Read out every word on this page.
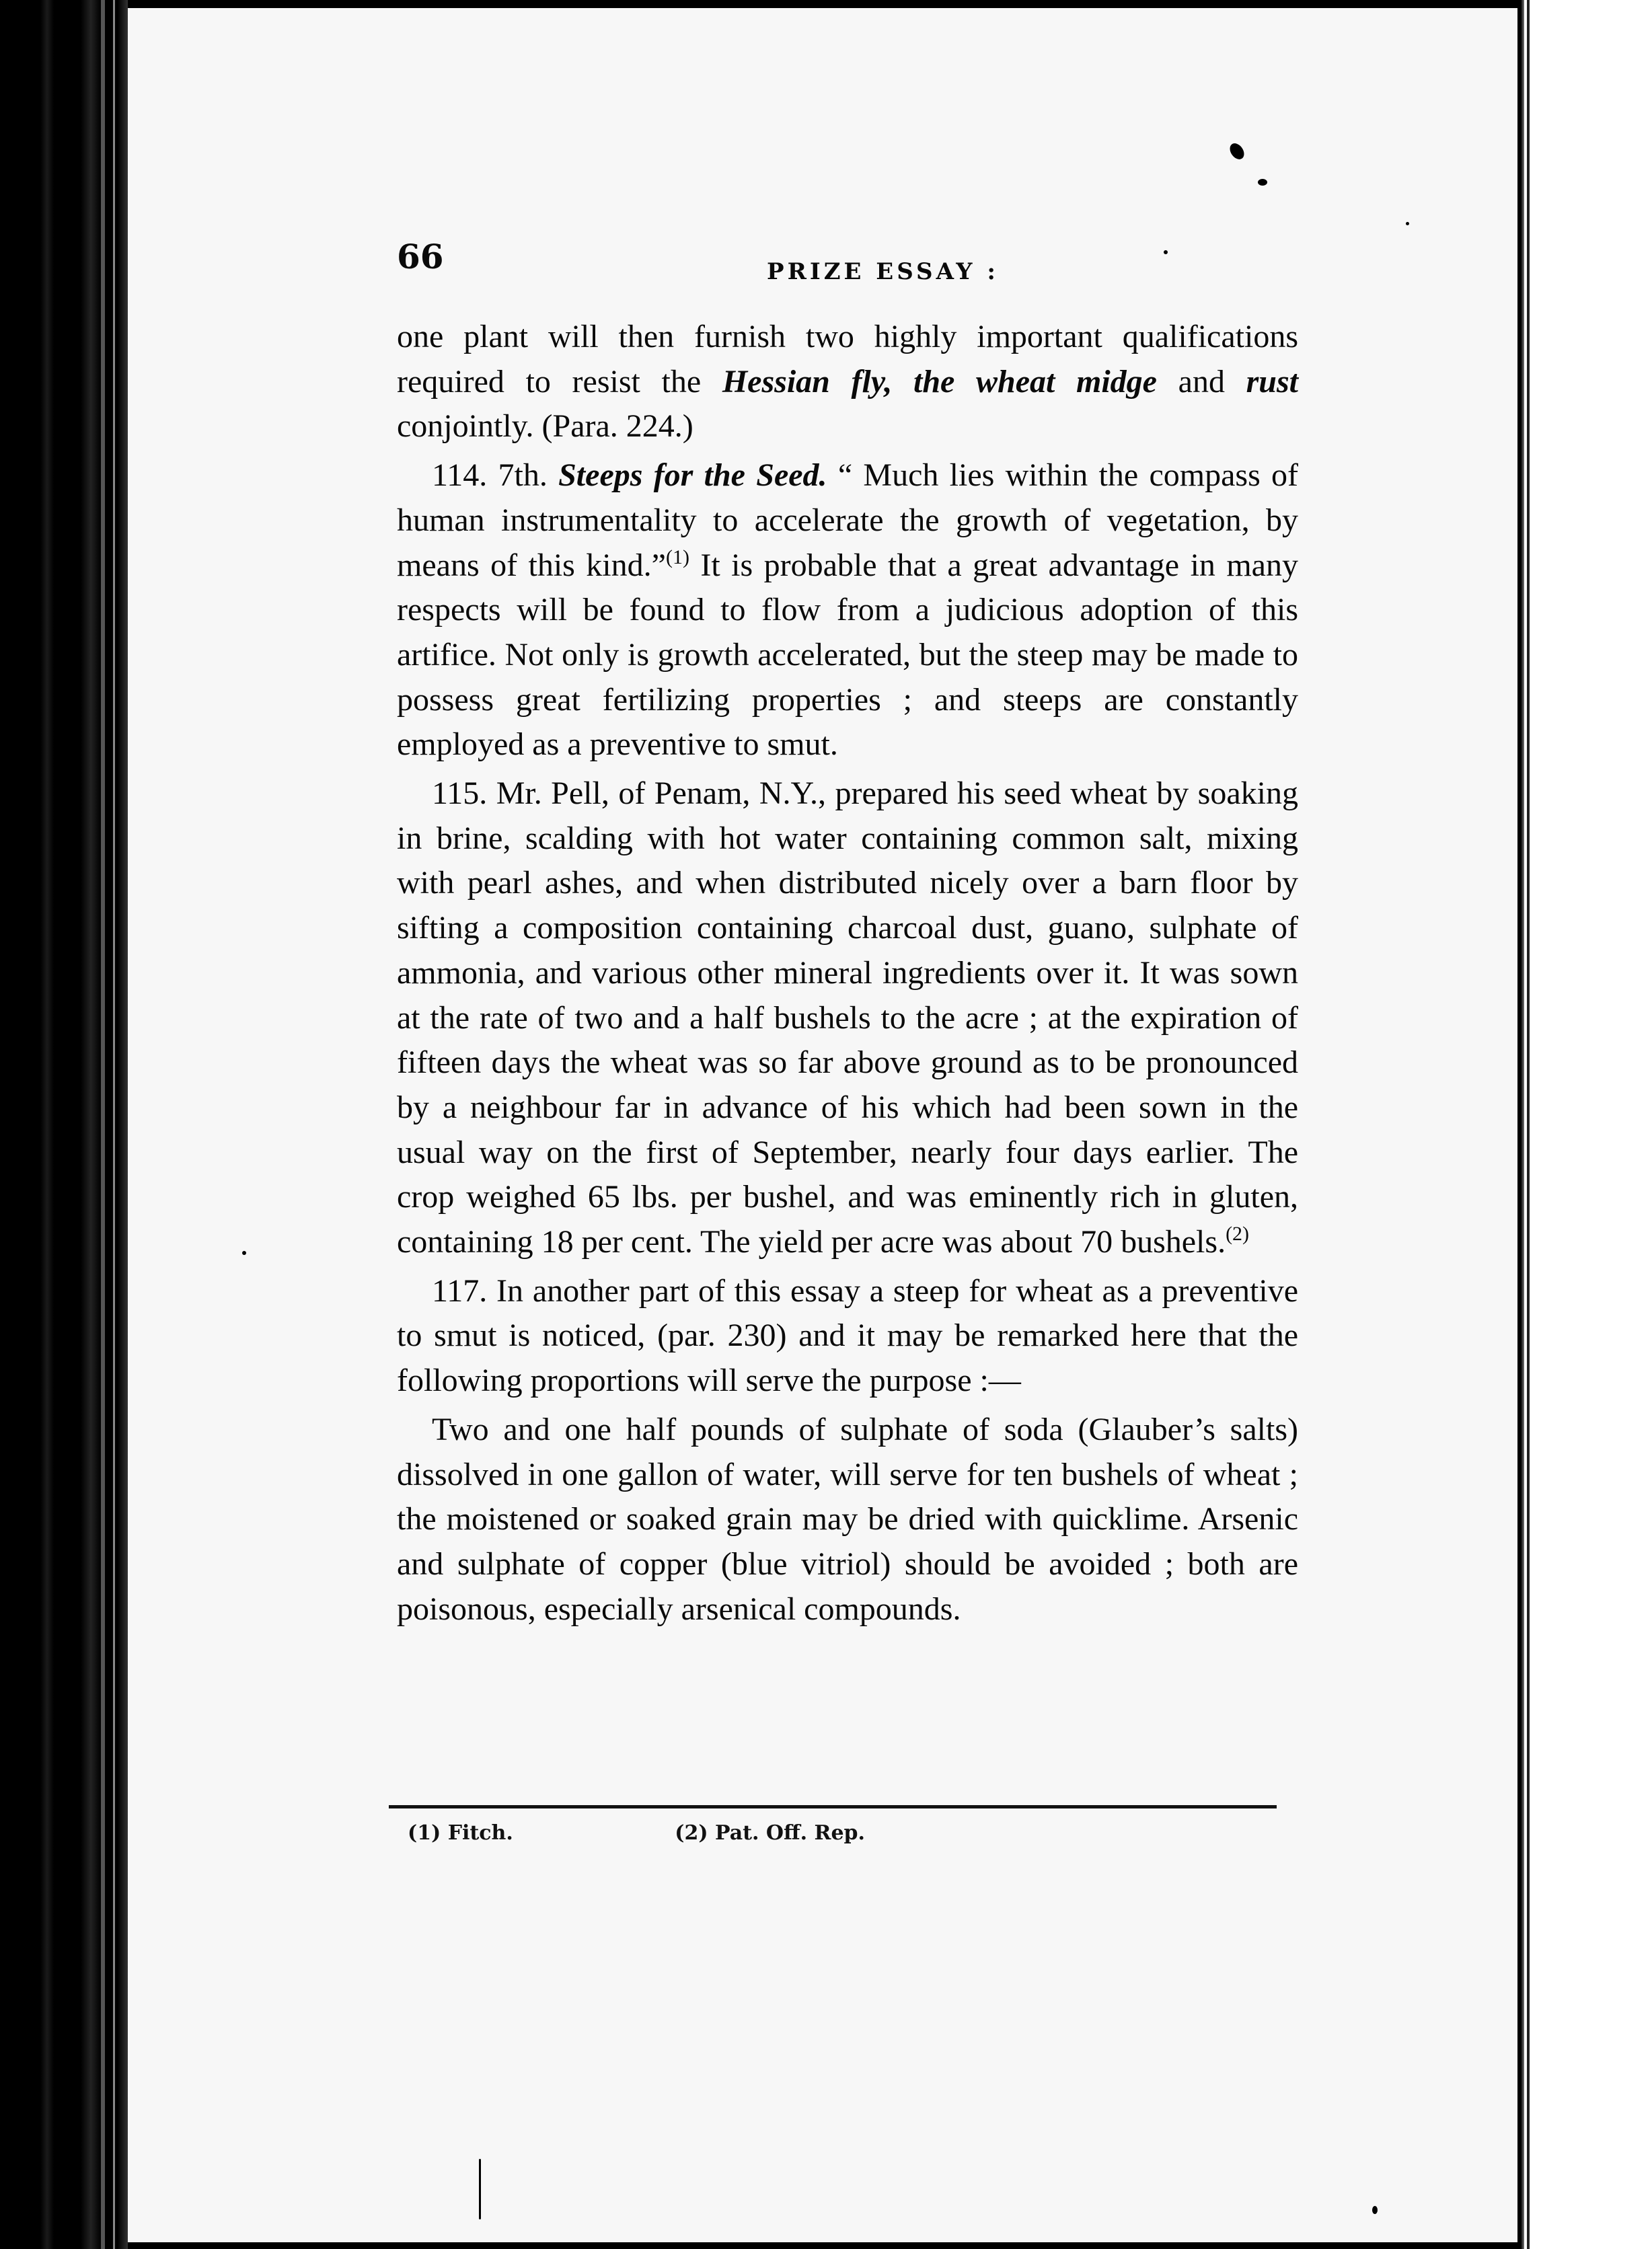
66	PRIZE ESSAY :

one plant will then furnish two highly important qualifications required to resist the Hessian fly, the wheat midge and rust conjointly. (Para. 224.)

114. 7th. Steeps for the Seed. “ Much lies within the compass of human instrumentality to accelerate the growth of vegetation, by means of this kind.”$^{(1)}$ It is probable that a great advantage in many respects will be found to flow from a judicious adoption of this artifice. Not only is growth accelerated, but the steep may be made to possess great fertilizing properties ; and steeps are constantly employed as a preventive to smut.

115. Mr. Pell, of Penam, N.Y., prepared his seed wheat by soaking in brine, scalding with hot water containing common salt, mixing with pearl ashes, and when distributed nicely over a barn floor by sifting a composition containing charcoal dust, guano, sulphate of ammonia, and various other mineral ingredients over it. It was sown at the rate of two and a half bushels to the acre ; at the expiration of fifteen days the wheat was so far above ground as to be pronounced by a neighbour far in advance of his which had been sown in the usual way on the first of September, nearly four days earlier. The crop weighed 65 lbs. per bushel, and was eminently rich in gluten, containing 18 per cent. The yield per acre was about 70 bushels.$^{(2)}$

117. In another part of this essay a steep for wheat as a preventive to smut is noticed, (par. 230) and it may be remarked here that the following proportions will serve the purpose :—

Two and one half pounds of sulphate of soda (Glauber’s salts) dissolved in one gallon of water, will serve for ten bushels of wheat ; the moistened or soaked grain may be dried with quicklime. Arsenic and sulphate of copper (blue vitriol) should be avoided ; both are poisonous, especially arsenical compounds.

(1) Fitch.	(2) Pat. Off. Rep.
